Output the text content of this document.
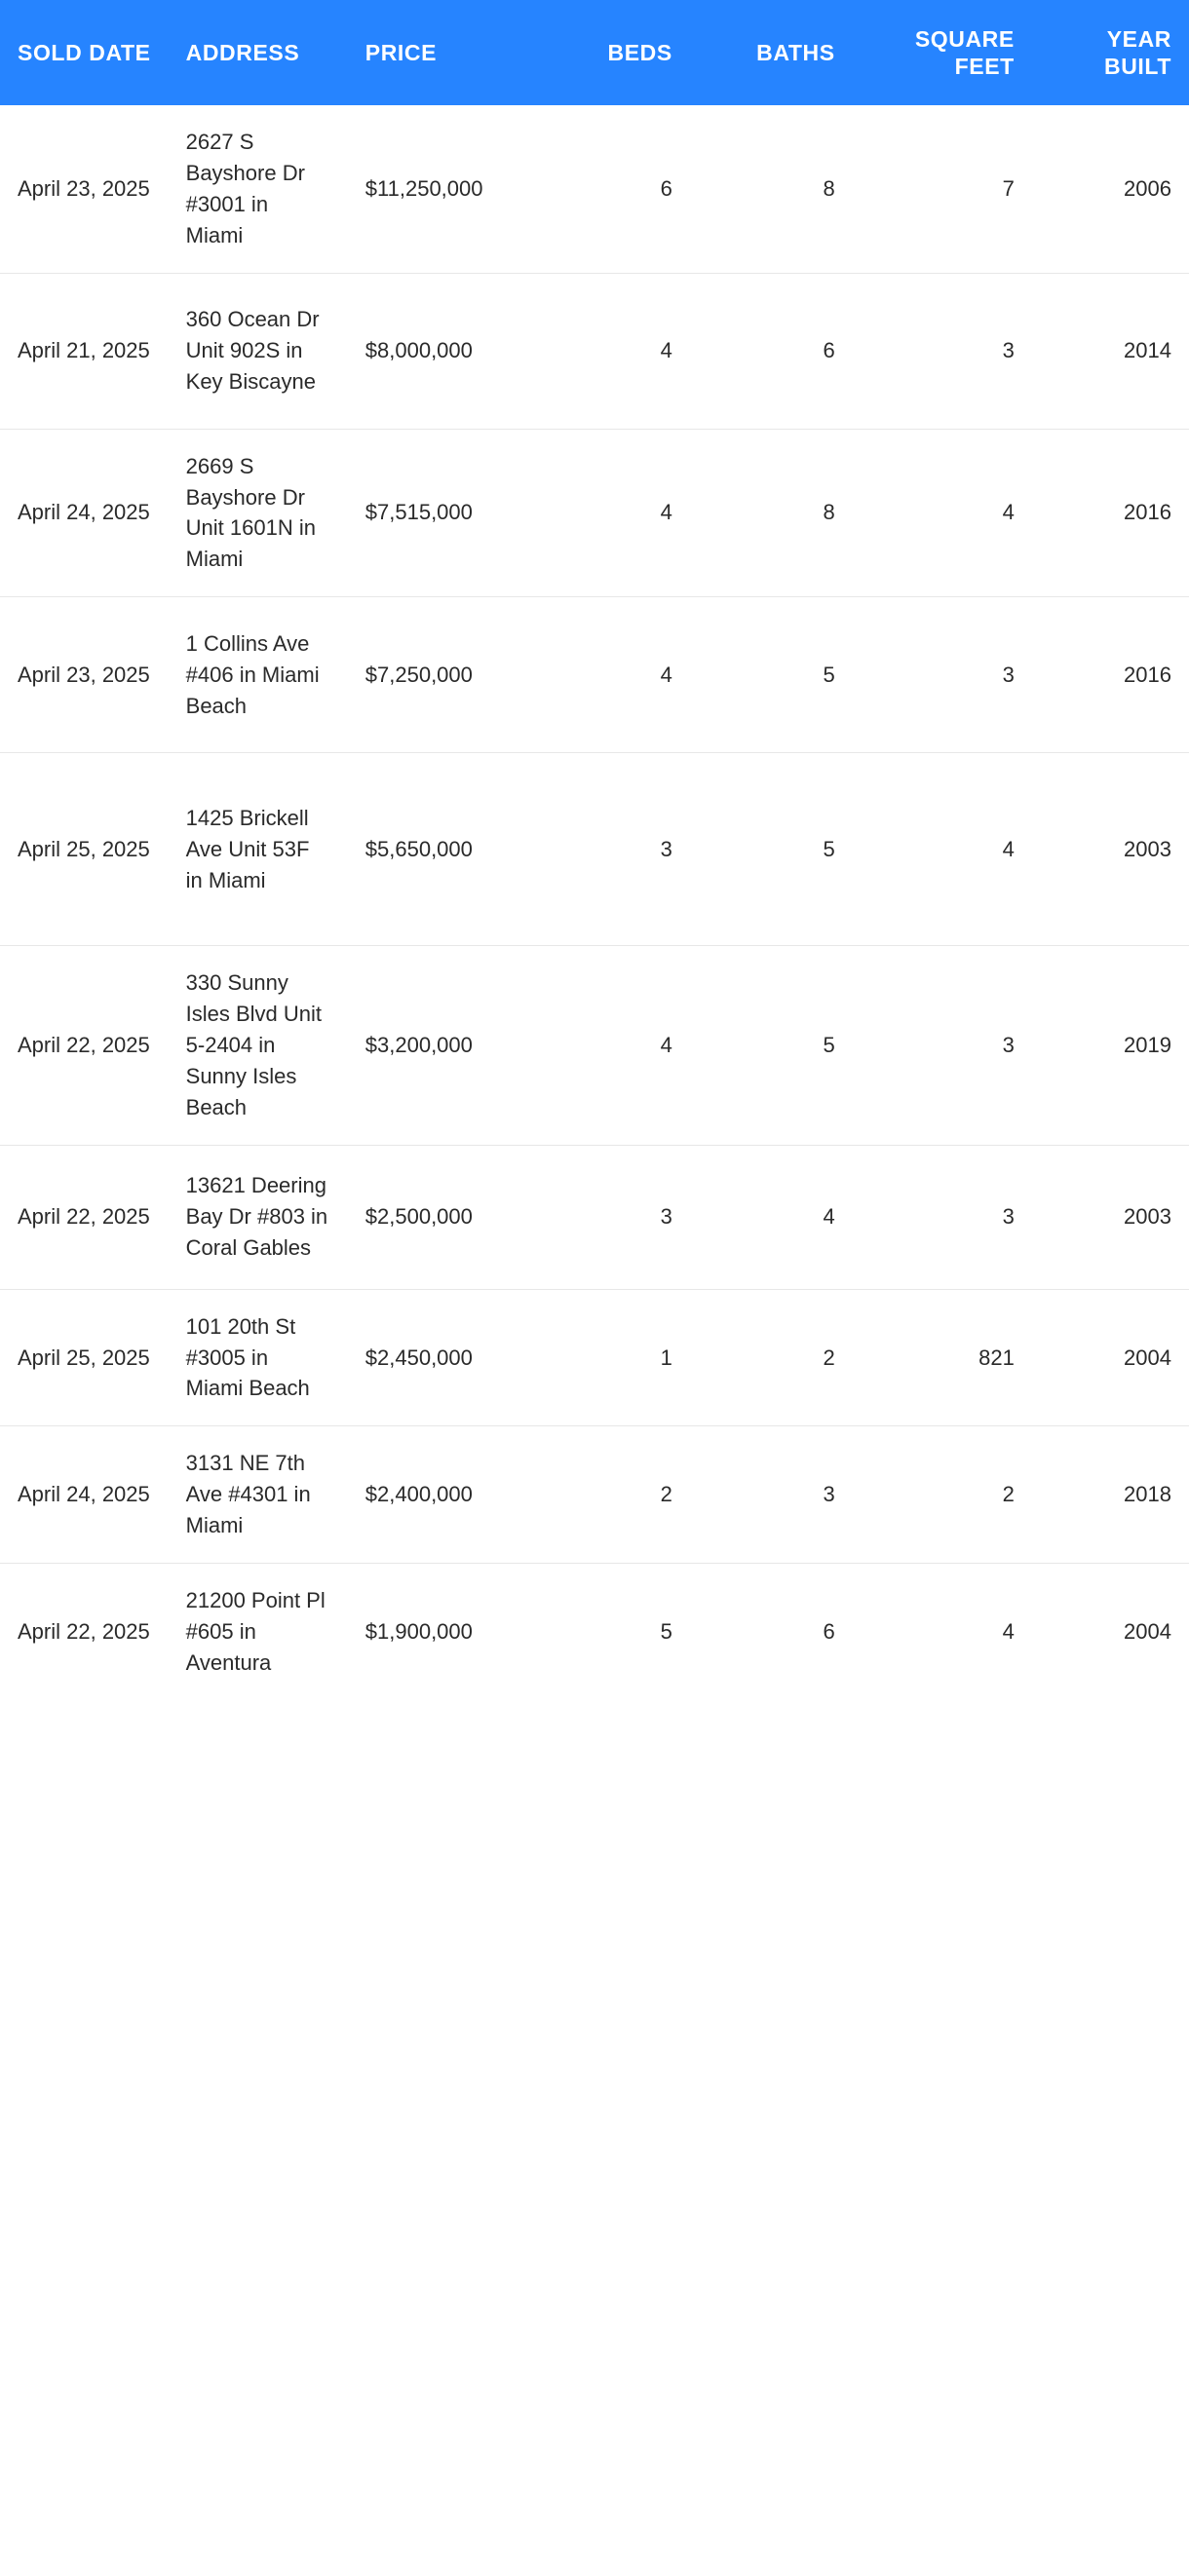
SOLD DATE	ADDRESS	PRICE	BEDS	BATHS	SQUARE FEET	YEAR BUILT
April 23, 2025	2627 S Bayshore Dr #3001 in Miami	$11,250,000	6	8	7	2006
April 21, 2025	360 Ocean Dr Unit 902S in Key Biscayne	$8,000,000	4	6	3	2014
April 24, 2025	2669 S Bayshore Dr Unit 1601N in Miami	$7,515,000	4	8	4	2016
April 23, 2025	1 Collins Ave #406 in Miami Beach	$7,250,000	4	5	3	2016
April 25, 2025	1425 Brickell Ave Unit 53F in Miami	$5,650,000	3	5	4	2003
April 22, 2025	330 Sunny Isles Blvd Unit 5-2404 in Sunny Isles Beach	$3,200,000	4	5	3	2019
April 22, 2025	13621 Deering Bay Dr #803 in Coral Gables	$2,500,000	3	4	3	2003
April 25, 2025	101 20th St #3005 in Miami Beach	$2,450,000	1	2	821	2004
April 24, 2025	3131 NE 7th Ave #4301 in Miami	$2,400,000	2	3	2	2018
April 22, 2025	21200 Point Pl #605 in Aventura	$1,900,000	5	6	4	2004
